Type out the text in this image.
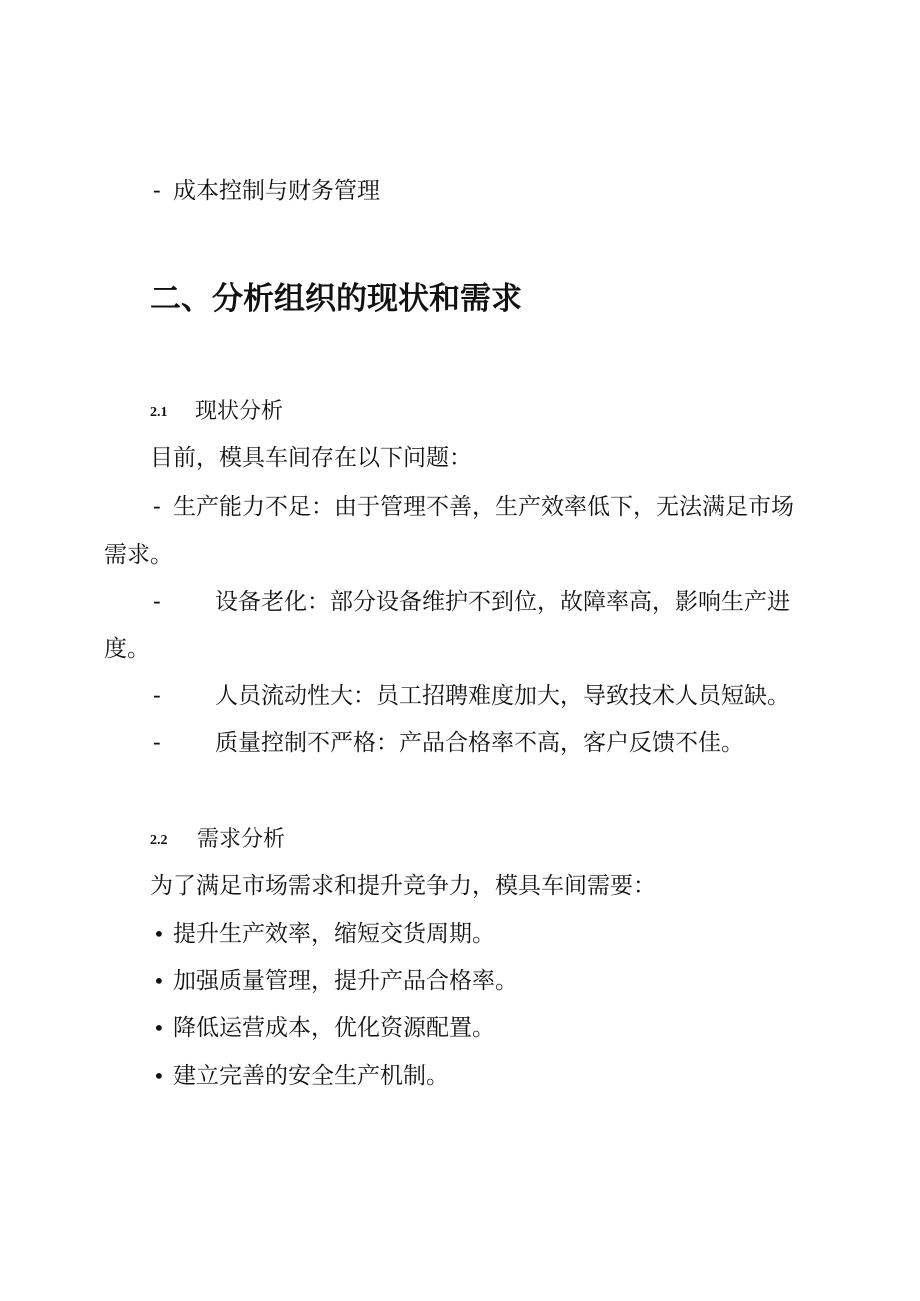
- 成本控制与财务管理
二、分析组织的现状和需求
2.1 现状分析
目前，模具车间存在以下问题：
- 生产能力不足：由于管理不善，生产效率低下，无法满足市场
需求。
- 设备老化：部分设备维护不到位，故障率高，影响生产进
度。
- 人员流动性大：员工招聘难度加大，导致技术人员短缺。
- 质量控制不严格：产品合格率不高，客户反馈不佳。
2.2 需求分析
为了满足市场需求和提升竞争力，模具车间需要：
• 提升生产效率，缩短交货周期。
• 加强质量管理，提升产品合格率。
• 降低运营成本，优化资源配置。
• 建立完善的安全生产机制。
